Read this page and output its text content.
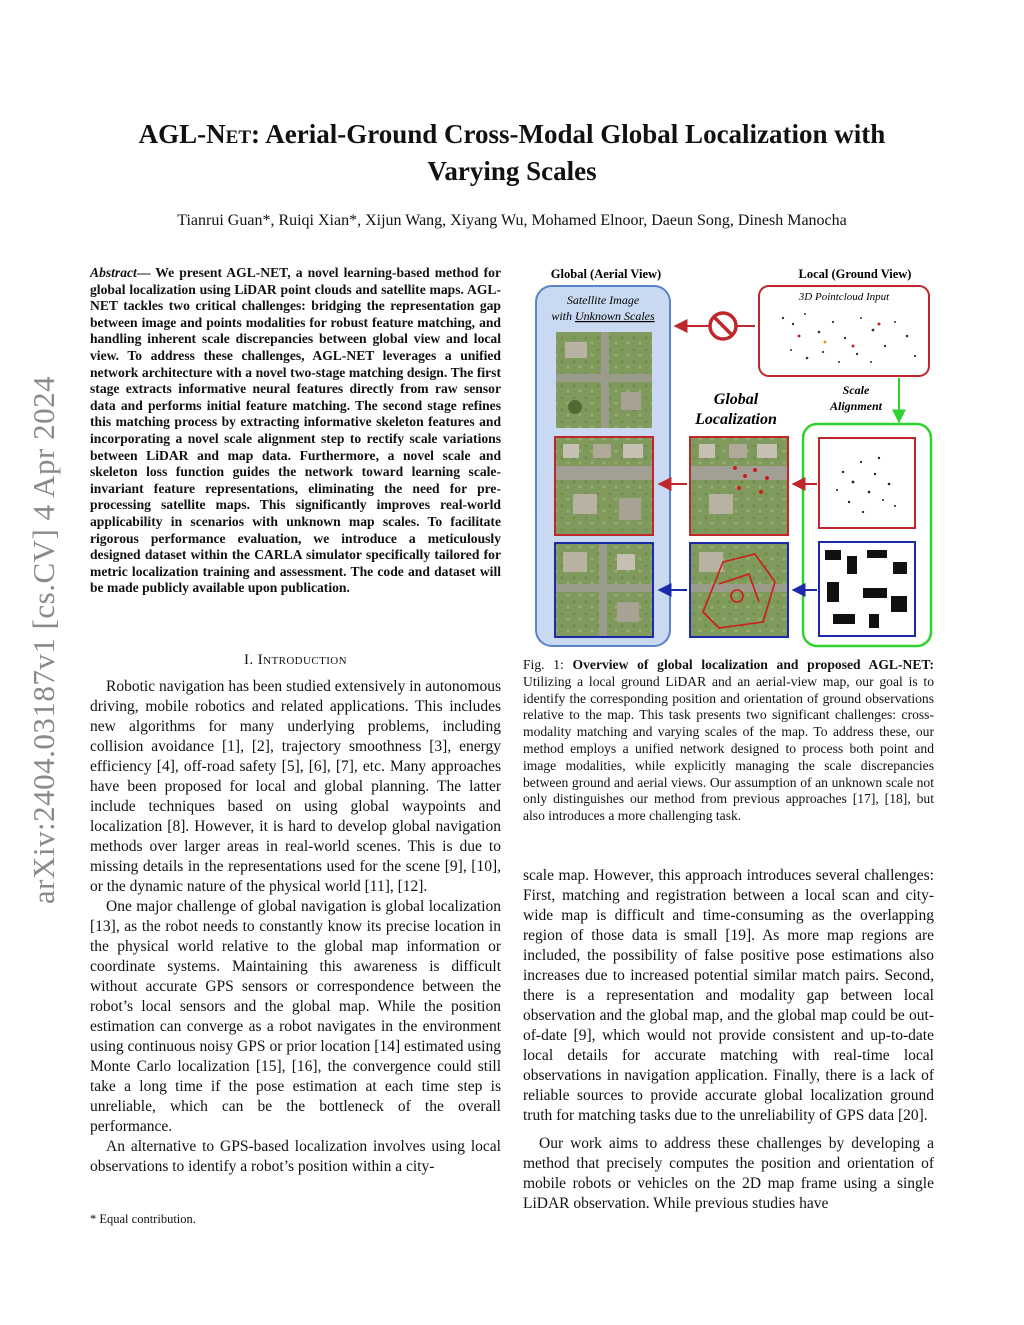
arXiv:2404.03187v1 [cs.CV] 4 Apr 2024
AGL-Net: Aerial-Ground Cross-Modal Global Localization with Varying Scales
Tianrui Guan*, Ruiqi Xian*, Xijun Wang, Xiyang Wu, Mohamed Elnoor, Daeun Song, Dinesh Manocha
Abstract— We present AGL-NET, a novel learning-based method for global localization using LiDAR point clouds and satellite maps. AGL-NET tackles two critical challenges: bridging the representation gap between image and points modalities for robust feature matching, and handling inherent scale discrepancies between global view and local view. To address these challenges, AGL-NET leverages a unified network architecture with a novel two-stage matching design. The first stage extracts informative neural features directly from raw sensor data and performs initial feature matching. The second stage refines this matching process by extracting informative skeleton features and incorporating a novel scale alignment step to rectify scale variations between LiDAR and map data. Furthermore, a novel scale and skeleton loss function guides the network toward learning scale-invariant feature representations, eliminating the need for pre-processing satellite maps. This significantly improves real-world applicability in scenarios with unknown map scales. To facilitate rigorous performance evaluation, we introduce a meticulously designed dataset within the CARLA simulator specifically tailored for metric localization training and assessment. The code and dataset will be made publicly available upon publication.
I. Introduction

Robotic navigation has been studied extensively in autonomous driving, mobile robotics and related applications. This includes new algorithms for many underlying problems, including collision avoidance [1], [2], trajectory smoothness [3], energy efficiency [4], off-road safety [5], [6], [7], etc. Many approaches have been proposed for local and global planning. The latter include techniques based on using global waypoints and localization [8]. However, it is hard to develop global navigation methods over larger areas in real-world scenes. This is due to missing details in the representations used for the scene [9], [10], or the dynamic nature of the physical world [11], [12].

One major challenge of global navigation is global localization [13], as the robot needs to constantly know its precise location in the physical world relative to the global map information or coordinate systems. Maintaining this awareness is difficult without accurate GPS sensors or correspondence between the robot’s local sensors and the global map. While the position estimation can converge as a robot navigates in the environment using continuous noisy GPS or prior location [14] estimated using Monte Carlo localization [15], [16], the convergence could still take a long time if the pose estimation at each time step is unreliable, which can be the bottleneck of the overall performance.

An alternative to GPS-based localization involves using local observations to identify a robot’s position within a city-

* Equal contribution.
Global (Aerial View)	Local (Ground View)
Satellite Image
with Unknown Scales
3D Pointcloud Input
Global
Localization
Scale
Alignment
Fig. 1: Overview of global localization and proposed AGL-NET: Utilizing a local ground LiDAR and an aerial-view map, our goal is to identify the corresponding position and orientation of ground observations relative to the map. This task presents two significant challenges: cross-modality matching and varying scales of the map. To address these, our method employs a unified network designed to process both point and image modalities, while explicitly managing the scale discrepancies between ground and aerial views. Our assumption of an unknown scale not only distinguishes our method from previous approaches [17], [18], but also introduces a more challenging task.

scale map. However, this approach introduces several challenges: First, matching and registration between a local scan and city-wide map is difficult and time-consuming as the overlapping region of those data is small [19]. As more map regions are included, the possibility of false positive pose estimations also increases due to increased potential similar match pairs. Second, there is a representation and modality gap between local observation and the global map, and the global map could be out-of-date [9], which would not provide consistent and up-to-date local details for accurate matching with real-time local observations in navigation application. Finally, there is a lack of reliable sources to provide accurate global localization ground truth for matching tasks due to the unreliability of GPS data [20].

Our work aims to address these challenges by developing a method that precisely computes the position and orientation of mobile robots or vehicles on the 2D map frame using a single LiDAR observation. While previous studies have
